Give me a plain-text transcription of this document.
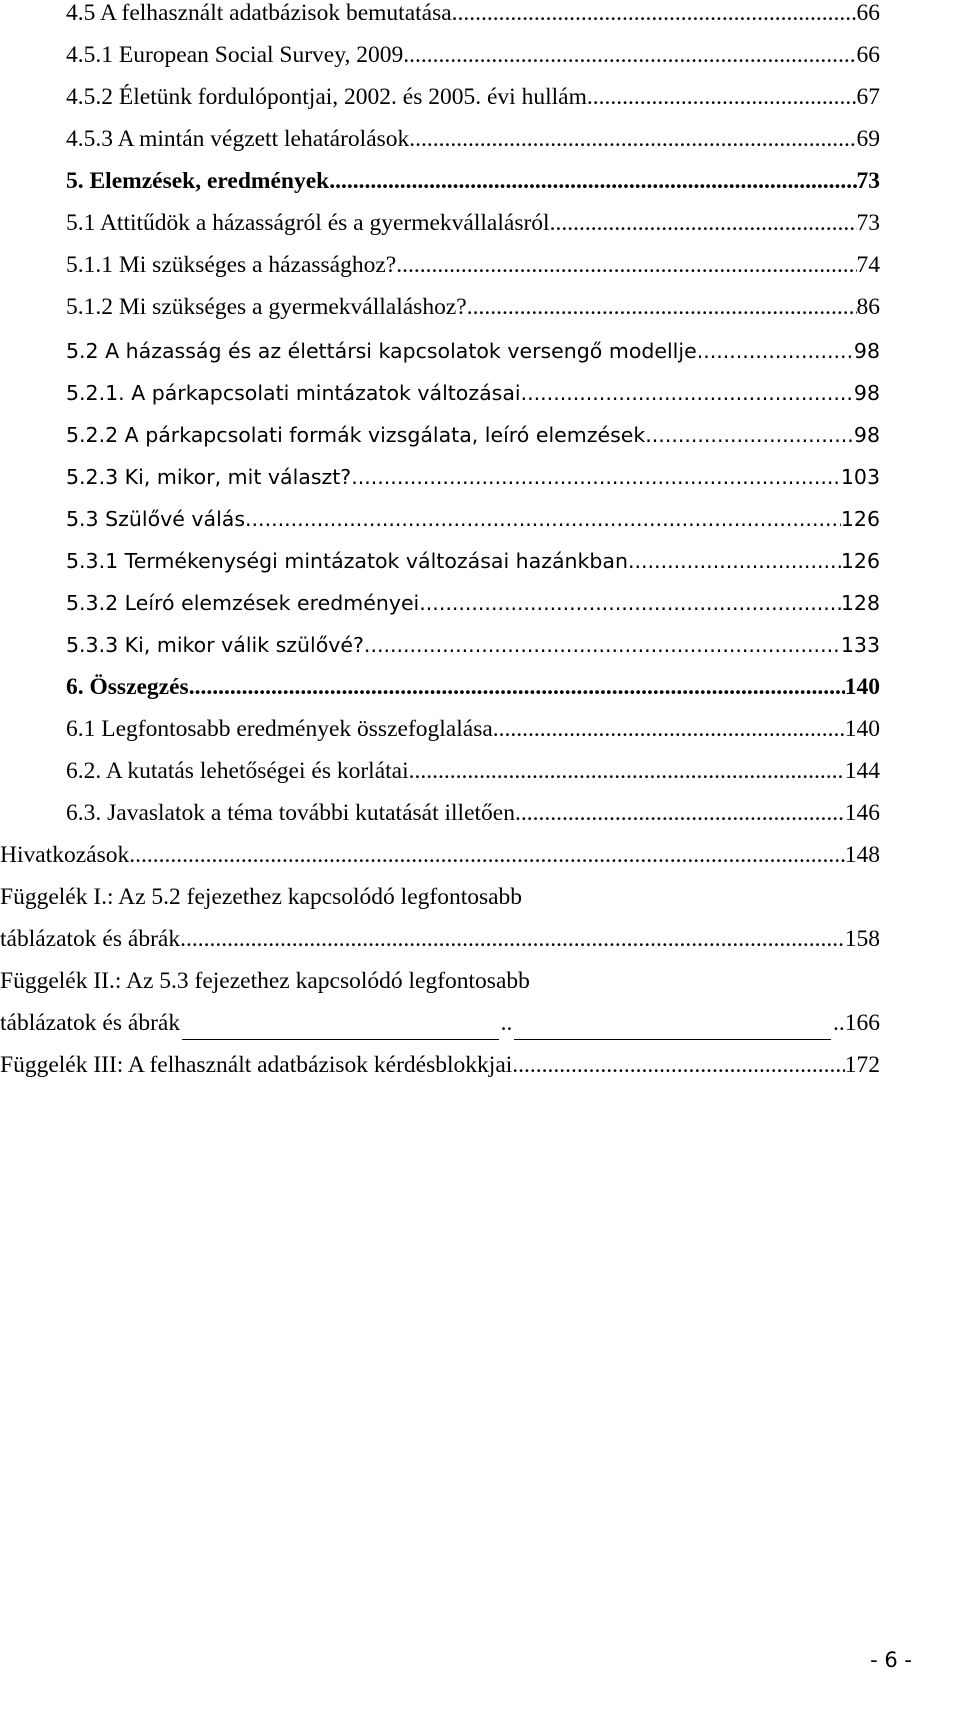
4.5 A felhasznált adatbázisok bemutatása .....	66
4.5.1 European Social Survey, 2009. .....	66
4.5.2 Életünk fordulópontjai, 2002. és 2005. évi hullám .....	67
4.5.3 A mintán végzett lehatárolások .....	69
5. Elemzések, eredmények .....	73
5.1 Attitűdök a házasságról és a gyermekvállalásról .....	73
5.1.1 Mi szükséges a házassághoz? .....	74
5.1.2 Mi szükséges a gyermekvállaláshoz? .....	86
5.2 A házasság és az élettársi kapcsolatok versengő modellje .....	98
5.2.1. A párkapcsolati mintázatok változásai .....	98
5.2.2 A párkapcsolati formák vizsgálata, leíró elemzések .....	98
5.2.3 Ki, mikor, mit választ? .....	103
5.3 Szülővé válás .....	126
5.3.1 Termékenységi mintázatok változásai hazánkban .....	126
5.3.2 Leíró elemzések eredményei .....	128
5.3.3 Ki, mikor válik szülővé? .....	133
6. Összegzés .....	140
6.1 Legfontosabb eredmények összefoglalása .....	140
6.2. A kutatás lehetőségei és korlátai .....	144
6.3. Javaslatok a téma további kutatását illetően .....	146
Hivatkozások .....	148
Függelék I.: Az 5.2 fejezethez kapcsolódó legfontosabb
táblázatok és ábrák .....	158
Függelék II.: Az 5.3 fejezethez kapcsolódó legfontosabb
táblázatok és ábrák	..	..166
Függelék III: A felhasznált adatbázisok kérdésblokkjai .....	172
- 6 -
